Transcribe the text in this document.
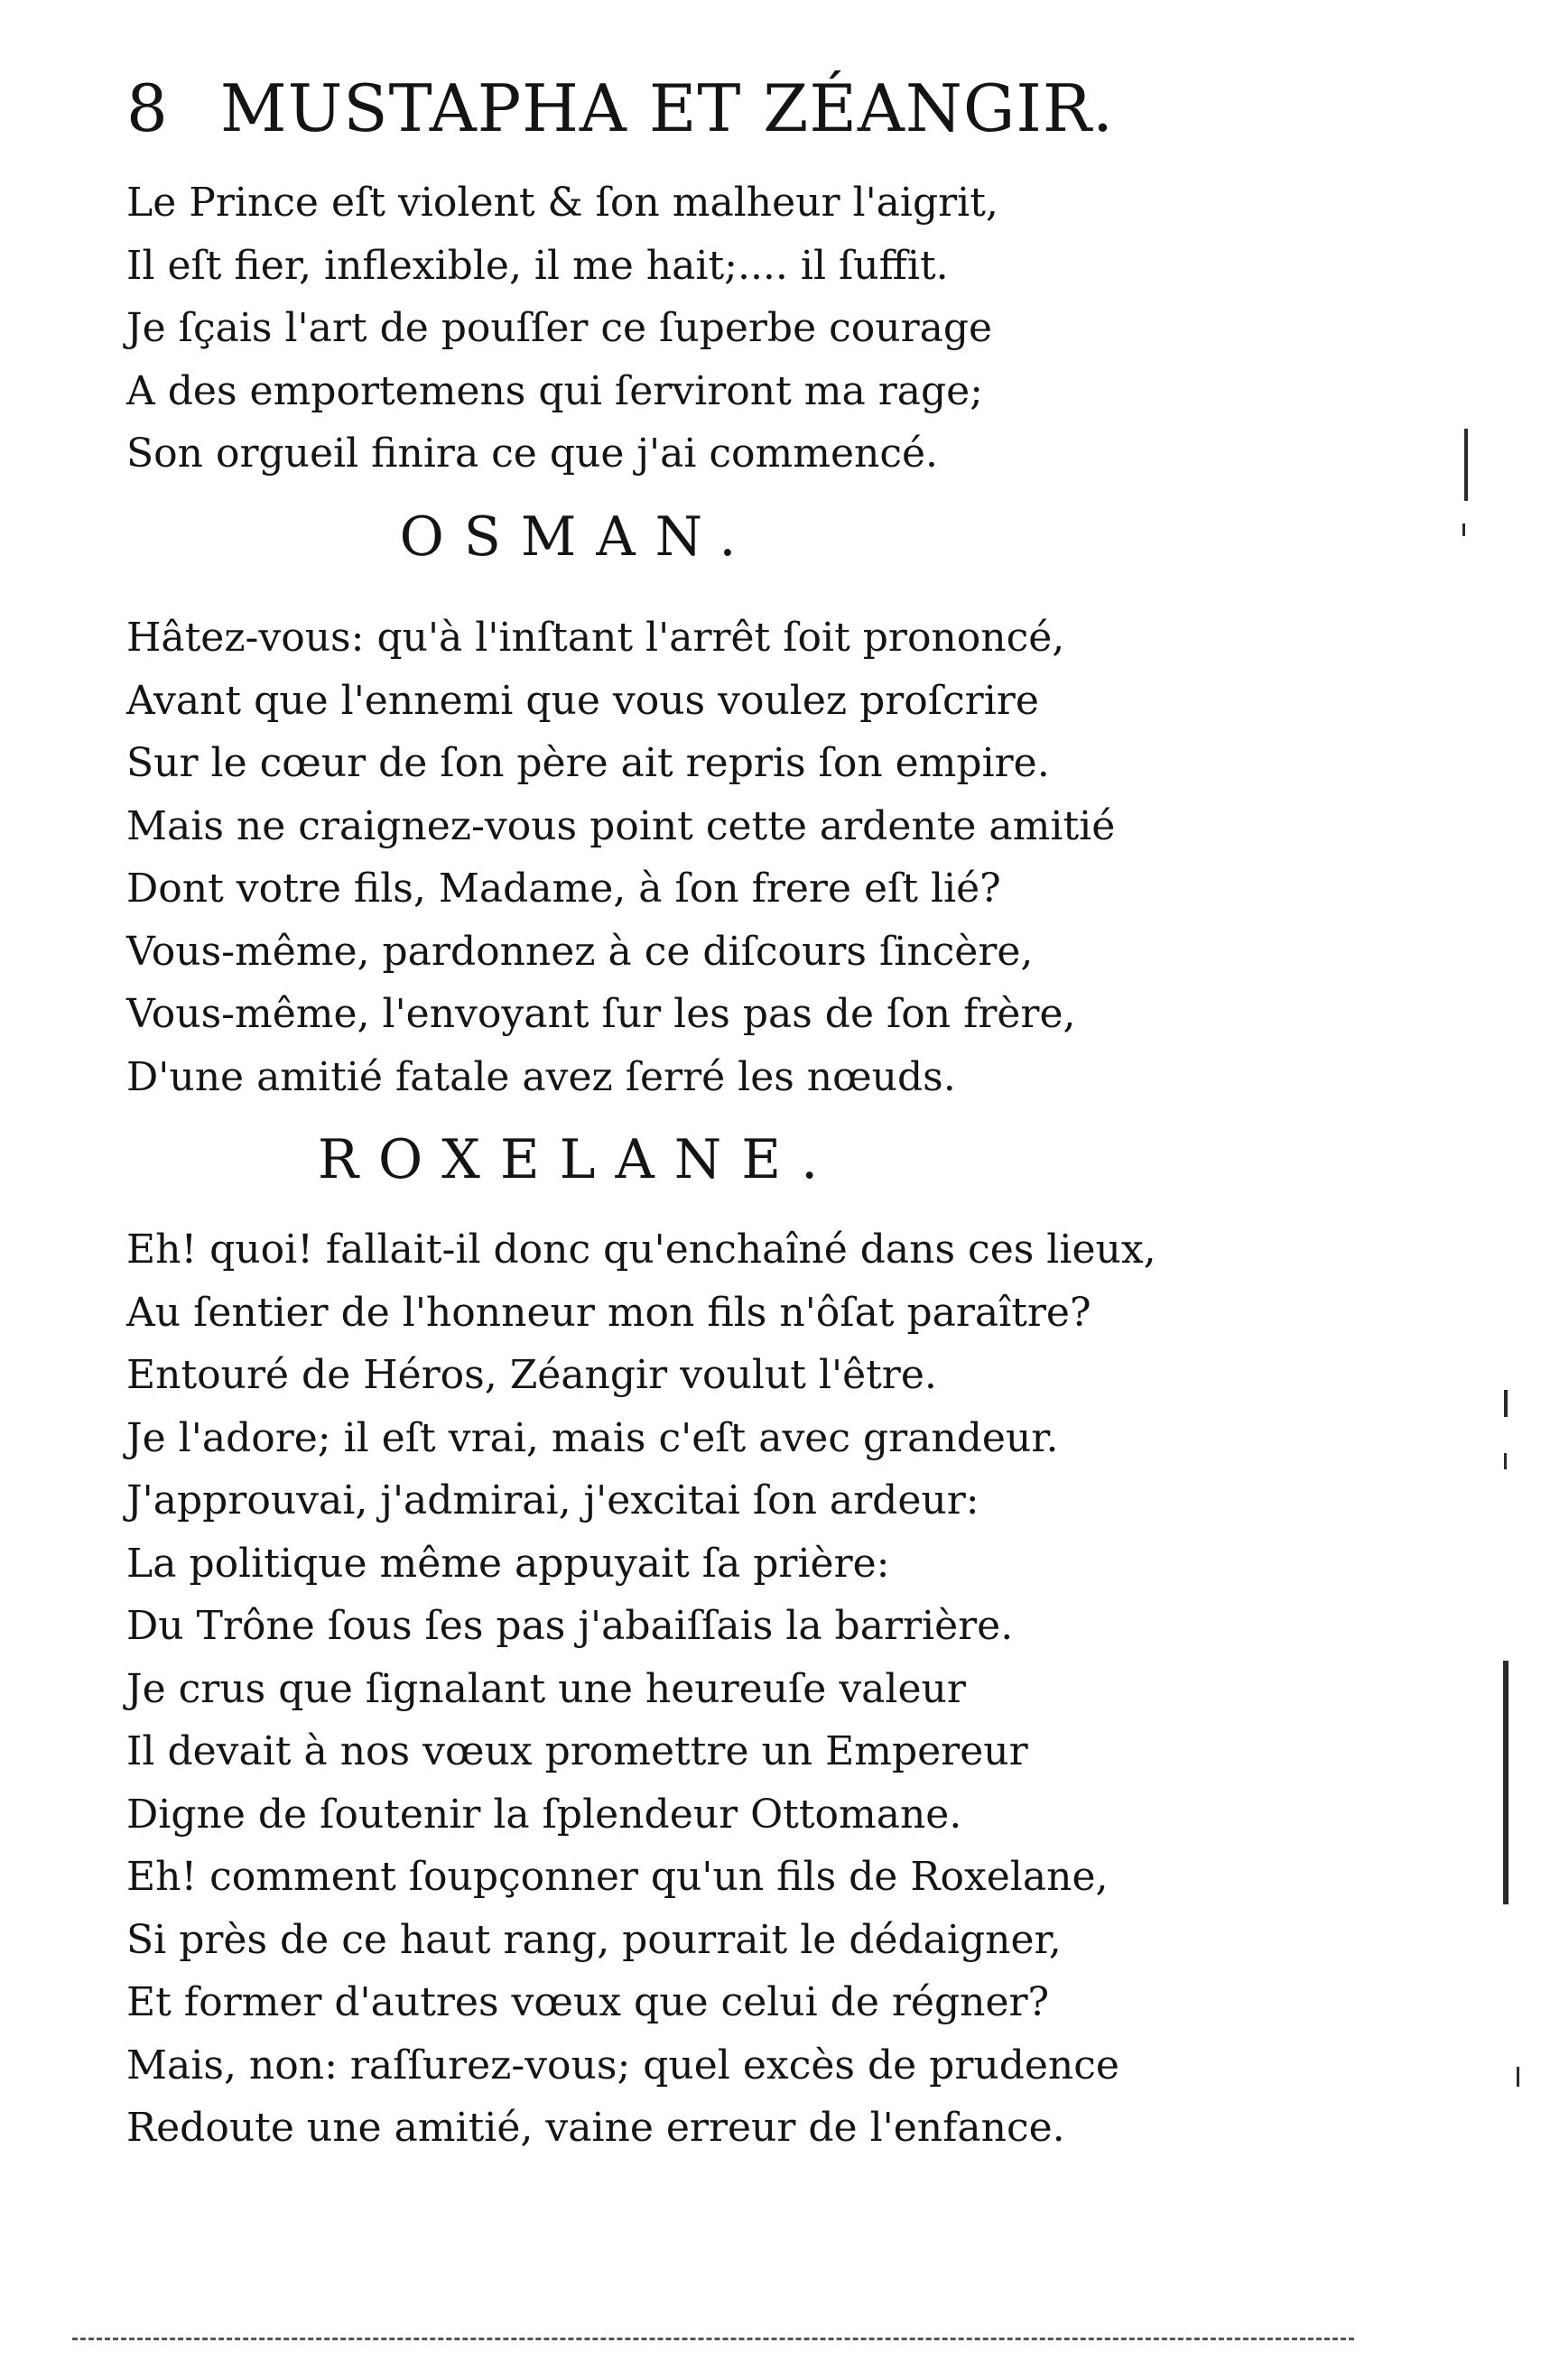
8 MUSTAPHA ET ZÉANGIR.
Le Prince eſt violent & ſon malheur l'aigrit,
Il eſt fier, inflexible, il me hait;.... il ſuffit.
Je ſçais l'art de pouſſer ce ſuperbe courage
A des emportemens qui ſerviront ma rage;
Son orgueil finira ce que j'ai commencé.
OSMAN.
Hâtez-vous: qu'à l'inſtant l'arrêt ſoit prononcé,
Avant que l'ennemi que vous voulez proſcrire
Sur le cœur de ſon père ait repris ſon empire.
Mais ne craignez-vous point cette ardente amitié
Dont votre fils, Madame, à ſon frere eſt lié?
Vous-même, pardonnez à ce diſcours ſincère,
Vous-même, l'envoyant ſur les pas de ſon frère,
D'une amitié fatale avez ſerré les nœuds.
ROXELANE.
Eh! quoi! fallait-il donc qu'enchaîné dans ces lieux,
Au ſentier de l'honneur mon fils n'ôſat paraître?
Entouré de Héros, Zéangir voulut l'être.
Je l'adore; il eſt vrai, mais c'eſt avec grandeur.
J'approuvai, j'admirai, j'excitai ſon ardeur:
La politique même appuyait ſa prière:
Du Trône ſous ſes pas j'abaiſſais la barrière.
Je crus que ſignalant une heureuſe valeur
Il devait à nos vœux promettre un Empereur
Digne de ſoutenir la ſplendeur Ottomane.
Eh! comment ſoupçonner qu'un fils de Roxelane,
Si près de ce haut rang, pourrait le dédaigner,
Et former d'autres vœux que celui de régner?
Mais, non: raſſurez-vous; quel excès de prudence
Redoute une amitié, vaine erreur de l'enfance.
